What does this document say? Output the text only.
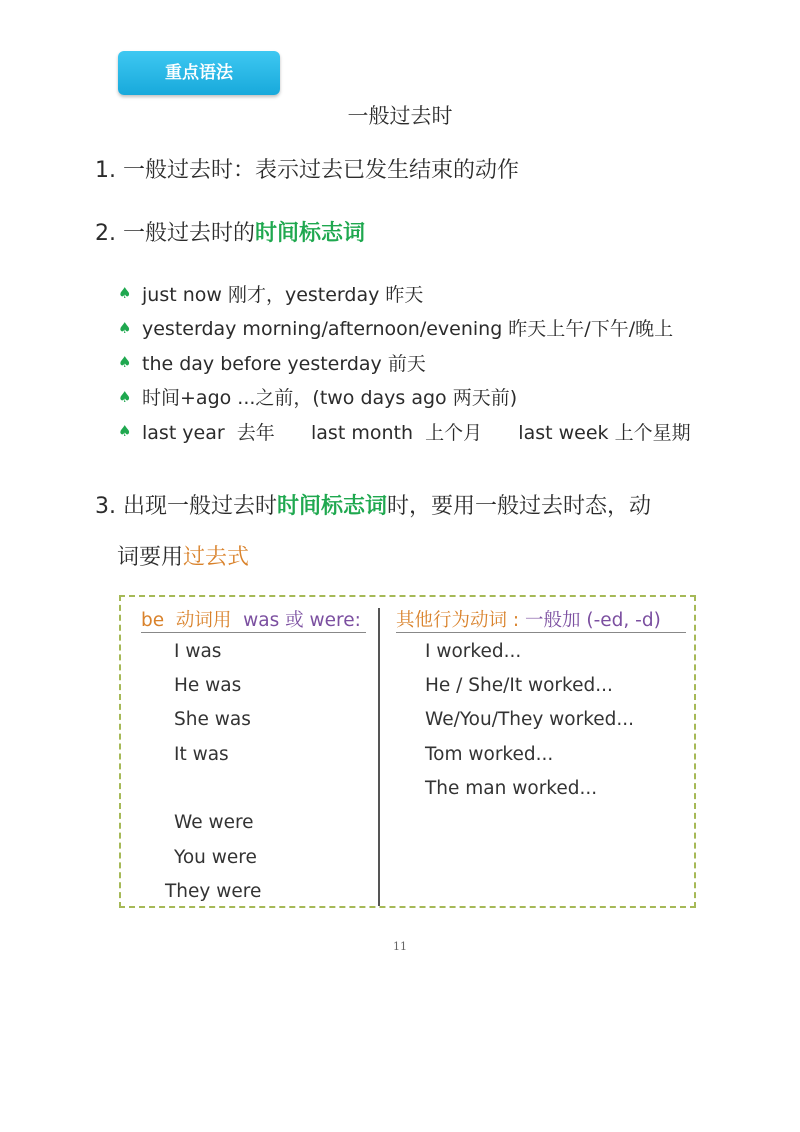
重点语法
一般过去时
1. 一般过去时：表示过去已发生结束的动作
2. 一般过去时的时间标志词
♠ just now 刚才，yesterday 昨天
♠ yesterday morning/afternoon/evening 昨天上午/下午/晚上
♠ the day before yesterday 前天
♠ 时间+ago ...之前，(two days ago 两天前)
♠ last year  去年      last month  上个月      last week 上个星期
3. 出现一般过去时时间标志词时，要用一般过去时态，动
词要用过去式
be  动词用  was 或 were: 其他行为动词 : 一般加 (-ed, -d)
I was
He was
She was
It was
We were
You were
They were
I worked...
He / She/It worked...
We/You/They worked...
Tom worked...
The man worked...
11
